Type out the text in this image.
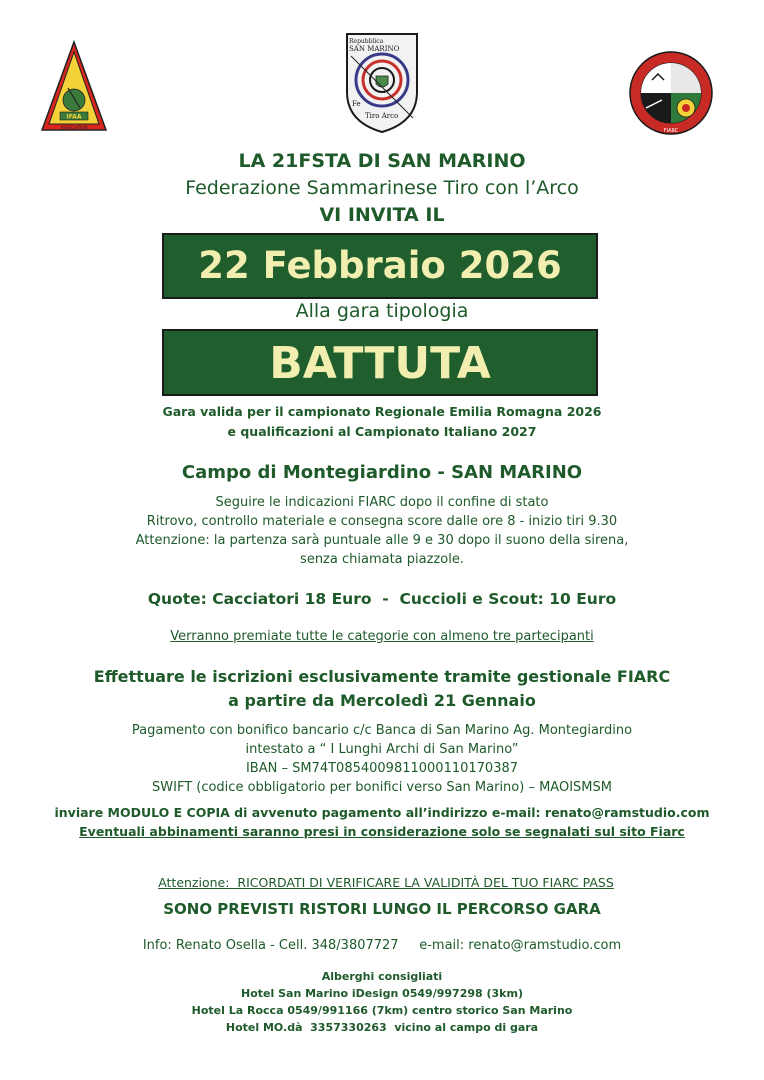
IFAA
ASSOCIATION
Repubblica
SAN MARINO
Fe
Tiro Arco
FIARC
LA 21FSTA DI SAN MARINO
Federazione Sammarinese Tiro con l’Arco
VI INVITA IL
22 Febbraio 2026
Alla gara tipologia
BATTUTA
Gara valida per il campionato Regionale Emilia Romagna 2026
e qualificazioni al Campionato Italiano 2027
Campo di Montegiardino - SAN MARINO
Seguire le indicazioni FIARC dopo il confine di stato
Ritrovo, controllo materiale e consegna score dalle ore 8 - inizio tiri 9.30
Attenzione: la partenza sarà puntuale alle 9 e 30 dopo il suono della sirena,
senza chiamata piazzole.
Quote: Cacciatori 18 Euro  -  Cuccioli e Scout: 10 Euro
Verranno premiate tutte le categorie con almeno tre partecipanti
Effettuare le iscrizioni esclusivamente tramite gestionale FIARC
a partire da Mercoledì 21 Gennaio
Pagamento con bonifico bancario c/c Banca di San Marino Ag. Montegiardino
intestato a “ I Lunghi Archi di San Marino”
IBAN – SM74T0854009811000110170387
SWIFT (codice obbligatorio per bonifici verso San Marino) – MAOISMSM
inviare MODULO E COPIA di avvenuto pagamento all’indirizzo e-mail: renato@ramstudio.com
Eventuali abbinamenti saranno presi in considerazione solo se segnalati sul sito Fiarc

Attenzione:  RICORDATI DI VERIFICARE LA VALIDITÀ DEL TUO FIARC PASS

SONO PREVISTI RISTORI LUNGO IL PERCORSO GARA
Info: Renato Osella - Cell. 348/3807727     e-mail: renato@ramstudio.com
Alberghi consigliati
Hotel San Marino iDesign 0549/997298 (3km)
Hotel La Rocca 0549/991166 (7km) centro storico San Marino
Hotel MO.dà  3357330263  vicino al campo di gara
